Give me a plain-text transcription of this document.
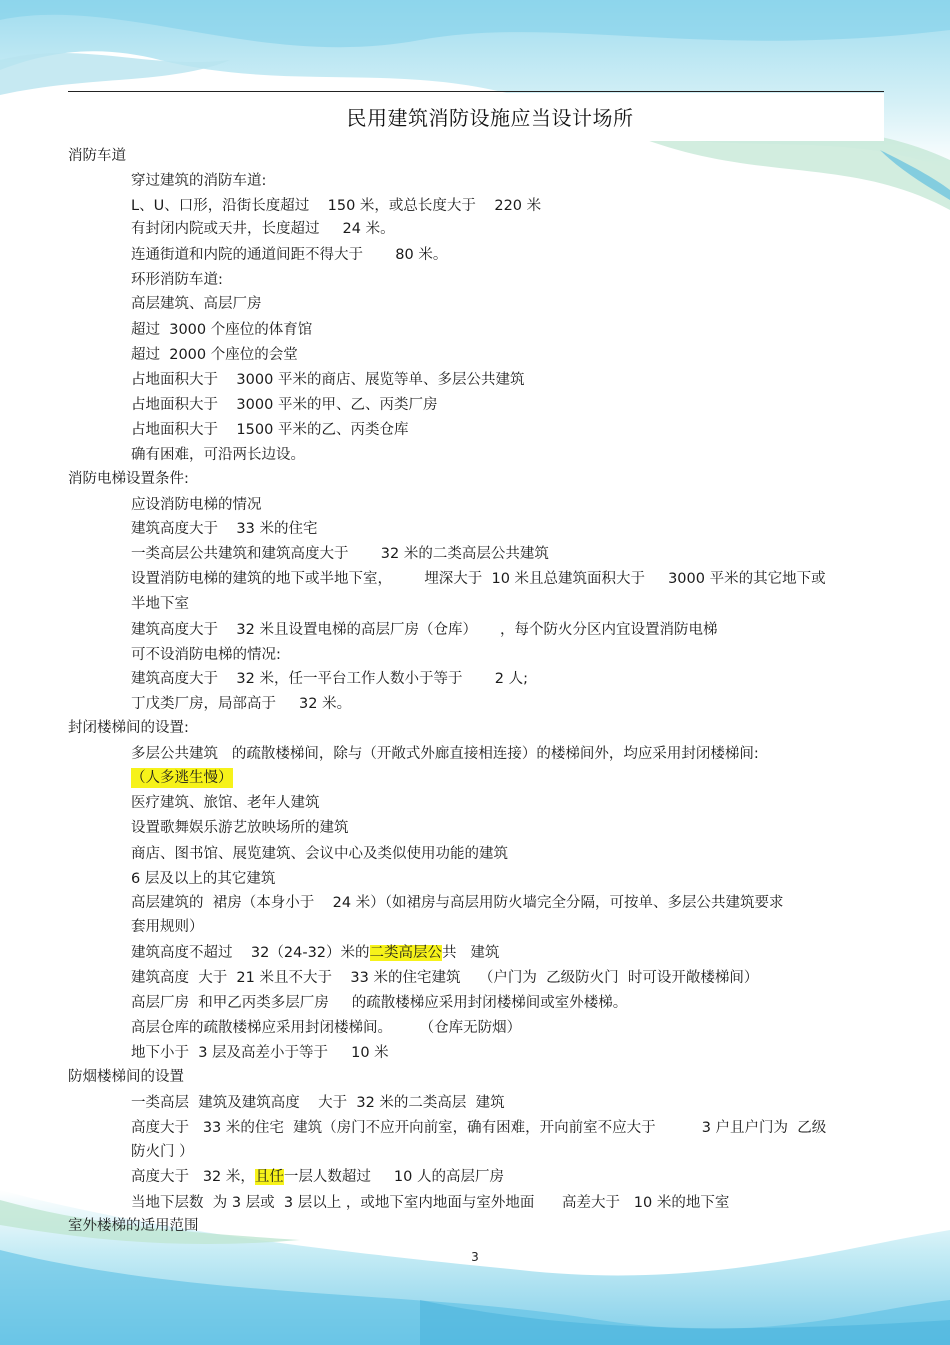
民用建筑消防设施应当设计场所
消防车道
穿过建筑的消防车道:
L、U、口形，沿街长度超过    150 米，或总长度大于    220 米
有封闭内院或天井，长度超过     24 米。
连通街道和内院的通道间距不得大于       80 米。
环形消防车道:
高层建筑、高层厂房
超过  3000 个座位的体育馆
超过  2000 个座位的会堂
占地面积大于    3000 平米的商店、展览等单、多层公共建筑
占地面积大于    3000 平米的甲、乙、丙类厂房
占地面积大于    1500 平米的乙、丙类仓库
确有困难，可沿两长边设。
消防电梯设置条件:
应设消防电梯的情况
建筑高度大于    33 米的住宅
一类高层公共建筑和建筑高度大于       32 米的二类高层公共建筑
设置消防电梯的建筑的地下或半地下室，       埋深大于  10 米且总建筑面积大于     3000 平米的其它地下或
半地下室
建筑高度大于    32 米且设置电梯的高层厂房（仓库）     ，每个防火分区内宜设置消防电梯
可不设消防电梯的情况:
建筑高度大于    32 米，任一平台工作人数小于等于       2 人;
丁戊类厂房，局部高于     32 米。
封闭楼梯间的设置:
多层公共建筑   的疏散楼梯间，除与（开敞式外廊直接相连接）的楼梯间外，均应采用封闭楼梯间:
（人多逃生慢）
医疗建筑、旅馆、老年人建筑
设置歌舞娱乐游艺放映场所的建筑
商店、图书馆、展览建筑、会议中心及类似使用功能的建筑
6 层及以上的其它建筑
高层建筑的  裙房（本身小于    24 米）（如裙房与高层用防火墙完全分隔，可按单、多层公共建筑要求
套用规则）
建筑高度不超过    32（24-32）米的二类高层公共   建筑
建筑高度  大于  21 米且不大于    33 米的住宅建筑    （户门为  乙级防火门  时可设开敞楼梯间）
高层厂房  和甲乙丙类多层厂房     的疏散楼梯应采用封闭楼梯间或室外楼梯。
高层仓库的疏散楼梯应采用封闭楼梯间。      （仓库无防烟）
地下小于  3 层及高差小于等于     10 米
防烟楼梯间的设置
一类高层  建筑及建筑高度    大于  32 米的二类高层  建筑
高度大于   33 米的住宅  建筑（房门不应开向前室，确有困难，开向前室不应大于          3 户且户门为  乙级
防火门 ）
高度大于   32 米，且任一层人数超过     10 人的高层厂房
当地下层数  为 3 层或  3 层以上 ，或地下室内地面与室外地面      高差大于   10 米的地下室
室外楼梯的适用范围
3
